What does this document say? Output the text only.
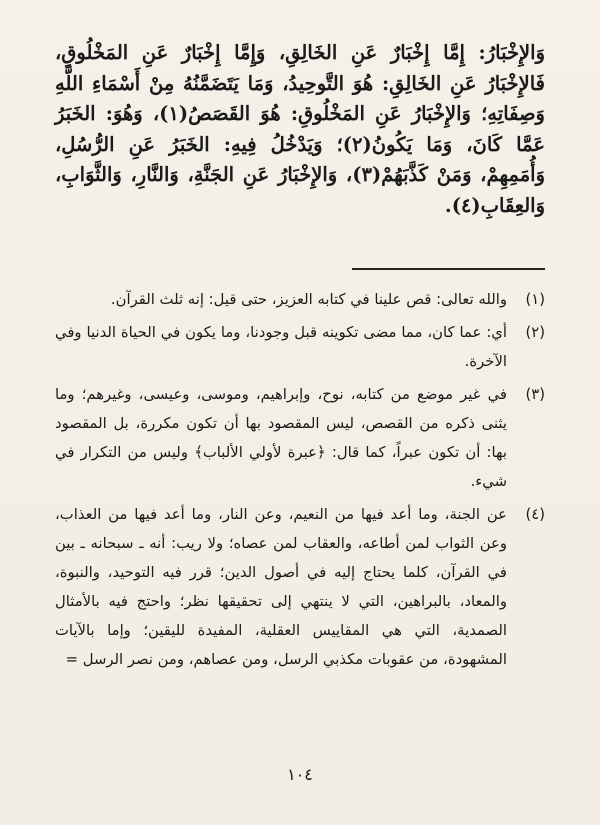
وَالإِخْبَارُ: إِمَّا إِخْبَارٌ عَنِ الخَالِقِ، وَإِمَّا إِخْبَارٌ عَنِ المَخْلُوقِ، فَالإِخْبَارُ عَنِ الخَالِقِ: هُوَ التَّوحِيدُ، وَمَا يَتَضَمَّنُهُ مِنْ أَسْمَاءِ اللَّهِ وَصِفَاتِهِ؛ وَالإِخْبَارُ عَنِ المَخْلُوقِ: هُوَ القَصَصُ(١)، وَهُوَ: الخَبَرُ عَمَّا كَانَ، وَمَا يَكُونُ(٢)؛ وَيَدْخُلُ فِيهِ: الخَبَرُ عَنِ الرُّسُلِ، وَأُمَمِهِمْ، وَمَنْ كَذَّبَهُمْ(٣)، وَالإِخْبَارُ عَنِ الجَنَّةِ، وَالنَّارِ، وَالثَّوَابِ، وَالعِقَابِ(٤).

(١)
والله تعالى: قص علينا في كتابه العزيز، حتى قيل: إنه ثلث القرآن.
(٢)
أي: عما كان، مما مضى تكوينه قبل وجودنا، وما يكون في الحياة الدنيا وفي الآخرة.
(٣)
في غير موضع من كتابه، نوح، وإبراهيم، وموسى، وعيسى، وغيرهم؛ وما يثنى ذكره من القصص، ليس المقصود بها أن تكون مكررة، بل المقصود بها: أن تكون عبراً، كما قال: ﴿عبرة لأولي الألباب﴾ وليس من التكرار في شيء.
(٤)
عن الجنة، وما أعد فيها من النعيم، وعن النار، وما أعد فيها من العذاب، وعن الثواب لمن أطاعه، والعقاب لمن عصاه؛ ولا ريب: أنه ـ سبحانه ـ بين في القرآن، كلما يحتاج إليه في أصول الدين؛ قرر فيه التوحيد، والنبوة، والمعاد، بالبراهين، التي لا ينتهي إلى تحقيقها نظر؛ واحتج فيه بالأمثال الصمدية، التي هي المقاييس العقلية، المفيدة لليقين؛ وإما بالآيات المشهودة، من عقوبات مكذبي الرسل، ومن عصاهم، ومن نصر الرسل =
١٠٤
